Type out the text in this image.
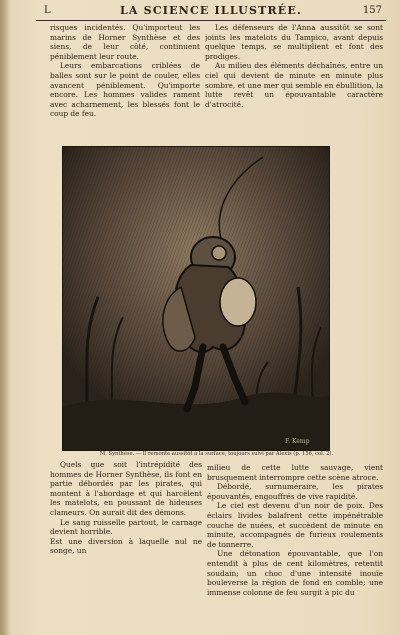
L	LA SCIENCE ILLUSTRÉE.	157

risques incidentés. Qu'importeut les marins de Horner Synthèse et des siens, de leur côté, continuent péniblement leur route.

Leurs embarcations criblées de balles sont sur le point de couler, elles avancent péniblement. Qu'importe encore. Les hommes valides rament avec acharnement, les blessés font le coup de feu.

Les défenseurs de l'Anna aussitôt se sont joints les matelots du Tampico, avant depuis quelque temps, se multiplient et font des prodiges.

Au milieu des éléments déchaînés, entre un ciel qui devient de minute en minute plus sombre, et une mer qui semble en ébullition, la lutte revêt un épouvantable caractère d'atrocité.

F. Kemp
M. Synthèse. — Il remonte aussitôt à la surface, toujours suivi par Alexis (p. 156, col. 2).

Quels que soit l'intrépidité des hommes de Horner Synthèse, ils font en partie débordés par les pirates, qui montent à l'abordage et qui harcèlent les matelots, en poussant de hideuses clameurs. On aurait dit des démons.

Le sang ruisselle partout, le carnage devient horrible.

Est une diversion à laquelle nul ne songe, un

milieu de cette lutte sauvage, vient brusquement interrompre cette scène atroce.

Débordé, surnuméraire, les pirates épouvantés, engouffrés de vive rapidité.

Le ciel est devenu d'un noir de poix. Des éclairs livides balafrent cette impénétrable couche de nuées, et succèdent de minute en minute, accompagnés de furieux roulements de tonnerre.

Une détonation épouvantable, que l'on entendit à plus de cent kilomètres, retentit soudain; un choc d'une intensité inouïe bouleverse la région de fond en comble; une immense colonne de feu surgit à pic du
